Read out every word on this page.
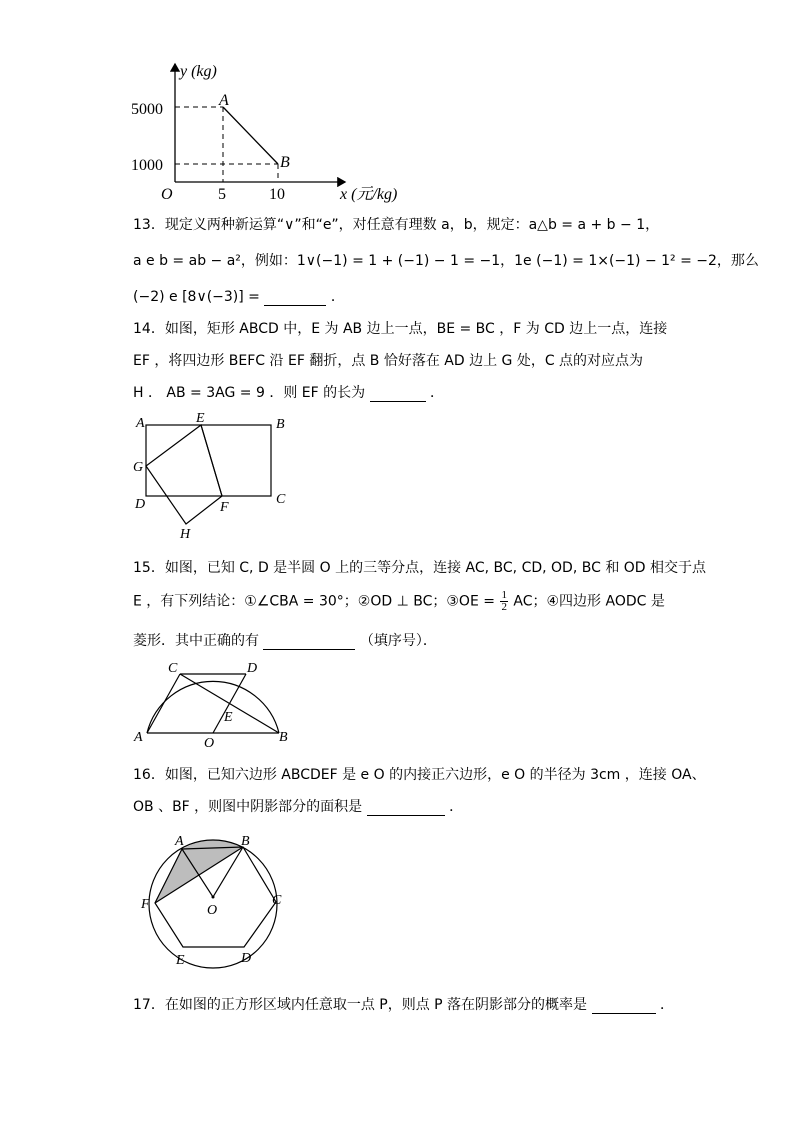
y (kg)
x (元/kg)
5000
1000
5	10
O
A
B
13．现定义两种新运算“∨”和“e”，对任意有理数 a，b，规定：a△b = a + b − 1，
a e b = ab − a²，例如：1∨(−1) = 1 + (−1) − 1 = −1，1e (−1) = 1×(−1) − 1² = −2，那么
(−2) e [8∨(−3)] =	．
14．如图，矩形 ABCD 中，E 为 AB 边上一点，BE = BC ，F 为 CD 边上一点，连接
EF ，将四边形 BEFC 沿 EF 翻折，点 B 恰好落在 AD 边上 G 处，C 点的对应点为
H ． AB = 3AG = 9 ．则 EF 的长为	．
A	E	B
G
D	F
C
H
15．如图，已知 C, D 是半圆 O 上的三等分点，连接 AC, BC, CD, OD, BC 和 OD 相交于点
E ，有下列结论：①∠CBA = 30°；②OD ⊥ BC；③OE = $\frac{1}{2}$ AC；④四边形 AODC 是
菱形．其中正确的有	（填序号）．
C	D
E
A	O	B
16．如图，已知六边形 ABCDEF 是 e O 的内接正六边形，e O 的半径为 3cm ，连接 OA、
OB 、BF ，则图中阴影部分的面积是	．
A	B
F	O
C
E	D
17．在如图的正方形区域内任意取一点 P，则点 P 落在阴影部分的概率是	．
